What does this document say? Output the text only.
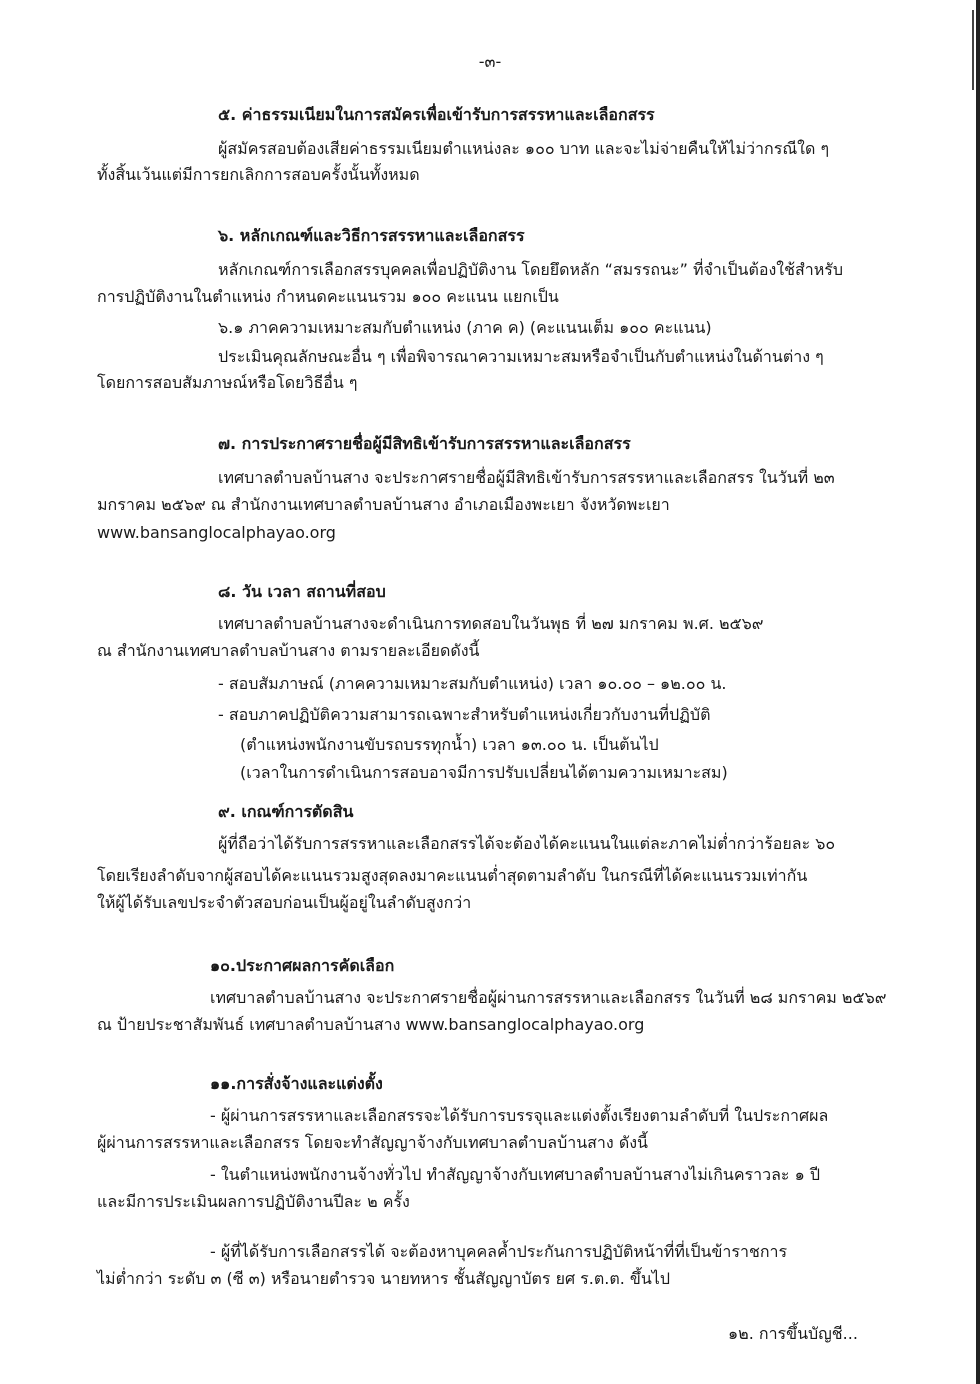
-๓-
๕. ค่าธรรมเนียมในการสมัครเพื่อเข้ารับการสรรหาและเลือกสรร
ผู้สมัครสอบต้องเสียค่าธรรมเนียมตำแหน่งละ ๑๐๐ บาท และจะไม่จ่ายคืนให้ไม่ว่ากรณีใด ๆ
ทั้งสิ้นเว้นแต่มีการยกเลิกการสอบครั้งนั้นทั้งหมด
๖. หลักเกณฑ์และวิธีการสรรหาและเลือกสรร
หลักเกณฑ์การเลือกสรรบุคคลเพื่อปฏิบัติงาน โดยยึดหลัก “สมรรถนะ” ที่จำเป็นต้องใช้สำหรับ
การปฏิบัติงานในตำแหน่ง กำหนดคะแนนรวม ๑๐๐ คะแนน แยกเป็น
๖.๑ ภาคความเหมาะสมกับตำแหน่ง (ภาค ค) (คะแนนเต็ม ๑๐๐ คะแนน)
ประเมินคุณลักษณะอื่น ๆ เพื่อพิจารณาความเหมาะสมหรือจำเป็นกับตำแหน่งในด้านต่าง ๆ
โดยการสอบสัมภาษณ์หรือโดยวิธีอื่น ๆ
๗. การประกาศรายชื่อผู้มีสิทธิเข้ารับการสรรหาและเลือกสรร
เทศบาลตำบลบ้านสาง จะประกาศรายชื่อผู้มีสิทธิเข้ารับการสรรหาและเลือกสรร ในวันที่ ๒๓
มกราคม ๒๕๖๙ ณ สำนักงานเทศบาลตำบลบ้านสาง อำเภอเมืองพะเยา จังหวัดพะเยา
www.bansanglocalphayao.org
๘. วัน เวลา สถานที่สอบ
เทศบาลตำบลบ้านสางจะดำเนินการทดสอบในวันพุธ ที่ ๒๗ มกราคม พ.ศ. ๒๕๖๙
ณ สำนักงานเทศบาลตำบลบ้านสาง ตามรายละเอียดดังนี้
- สอบสัมภาษณ์ (ภาคความเหมาะสมกับตำแหน่ง) เวลา ๑๐.๐๐ – ๑๒.๐๐ น.
- สอบภาคปฏิบัติความสามารถเฉพาะสำหรับตำแหน่งเกี่ยวกับงานที่ปฏิบัติ
(ตำแหน่งพนักงานขับรถบรรทุกน้ำ) เวลา ๑๓.๐๐ น. เป็นต้นไป
(เวลาในการดำเนินการสอบอาจมีการปรับเปลี่ยนได้ตามความเหมาะสม)
๙. เกณฑ์การตัดสิน
ผู้ที่ถือว่าได้รับการสรรหาและเลือกสรรได้จะต้องได้คะแนนในแต่ละภาคไม่ต่ำกว่าร้อยละ ๖๐
โดยเรียงลำดับจากผู้สอบได้คะแนนรวมสูงสุดลงมาคะแนนต่ำสุดตามลำดับ ในกรณีที่ได้คะแนนรวมเท่ากัน
ให้ผู้ได้รับเลขประจำตัวสอบก่อนเป็นผู้อยู่ในลำดับสูงกว่า
๑๐.ประกาศผลการคัดเลือก
เทศบาลตำบลบ้านสาง จะประกาศรายชื่อผู้ผ่านการสรรหาและเลือกสรร ในวันที่ ๒๘ มกราคม ๒๕๖๙
ณ ป้ายประชาสัมพันธ์ เทศบาลตำบลบ้านสาง www.bansanglocalphayao.org
๑๑.การสั่งจ้างและแต่งตั้ง
- ผู้ผ่านการสรรหาและเลือกสรรจะได้รับการบรรจุและแต่งตั้งเรียงตามลำดับที่ ในประกาศผล
ผู้ผ่านการสรรหาและเลือกสรร โดยจะทำสัญญาจ้างกับเทศบาลตำบลบ้านสาง ดังนี้
- ในตำแหน่งพนักงานจ้างทั่วไป ทำสัญญาจ้างกับเทศบาลตำบลบ้านสางไม่เกินคราวละ ๑ ปี
และมีการประเมินผลการปฏิบัติงานปีละ ๒ ครั้ง
- ผู้ที่ได้รับการเลือกสรรได้ จะต้องหาบุคคลค้ำประกันการปฏิบัติหน้าที่ที่เป็นข้าราชการ
ไม่ต่ำกว่า ระดับ ๓ (ซี ๓) หรือนายตำรวจ นายทหาร ชั้นสัญญาบัตร ยศ ร.ต.ต. ขึ้นไป
๑๒. การขึ้นบัญชี...
